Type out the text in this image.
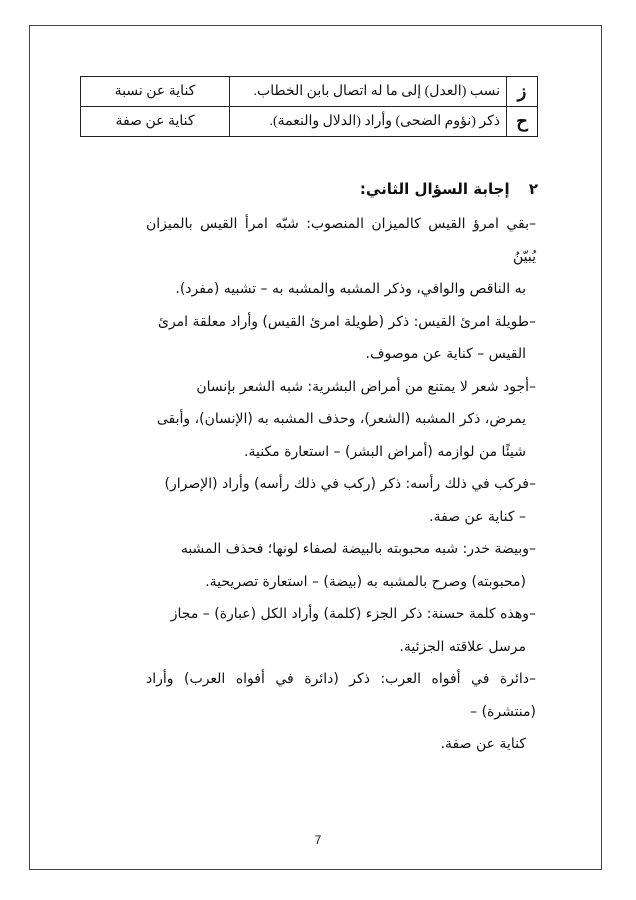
ز	نسب (العدل) إلى ما له اتصال بابن الخطاب.	كناية عن نسبة
ح	ذكر (نؤوم الضحى) وأراد (الدلال والنعمة).	كناية عن صفة
٢ إجابة السؤال الثاني:

–بقي امرؤ القيس كالميزان المنصوب: شبّه امرأ القيس بالميزان يُبيّنُ

به الناقص والوافي، وذكر المشبه والمشبه به – تشبيه (مفرد).

–طويلة امرئ القيس: ذكر (طويلة امرئ القيس) وأراد معلقة امرئ

القيس – كناية عن موصوف.

–أجود شعر لا يمتنع من أمراض البشرية: شبه الشعر بإنسان

يمرض، ذكر المشبه (الشعر)، وحذف المشبه به (الإنسان)، وأبقى

شيئًا من لوازمه (أمراض البشر) – استعارة مكنية.

–فركب في ذلك رأسه: ذكر (ركب في ذلك رأسه) وأراد (الإصرار)

– كناية عن صفة.

–وبيضة خدر: شبه محبوبته بالبيضة لصفاء لونها؛ فحذف المشبه

(محبوبته) وصرح بالمشبه به (بيضة) – استعارة تصريحية.

–وهذه كلمة حسنة: ذكر الجزء (كلمة) وأراد الكل (عبارة) – مجاز

مرسل علاقته الجزئية.

–دائرة في أفواه العرب: ذكر (دائرة في أفواه العرب) وأراد (منتشرة) –

كناية عن صفة.

7
